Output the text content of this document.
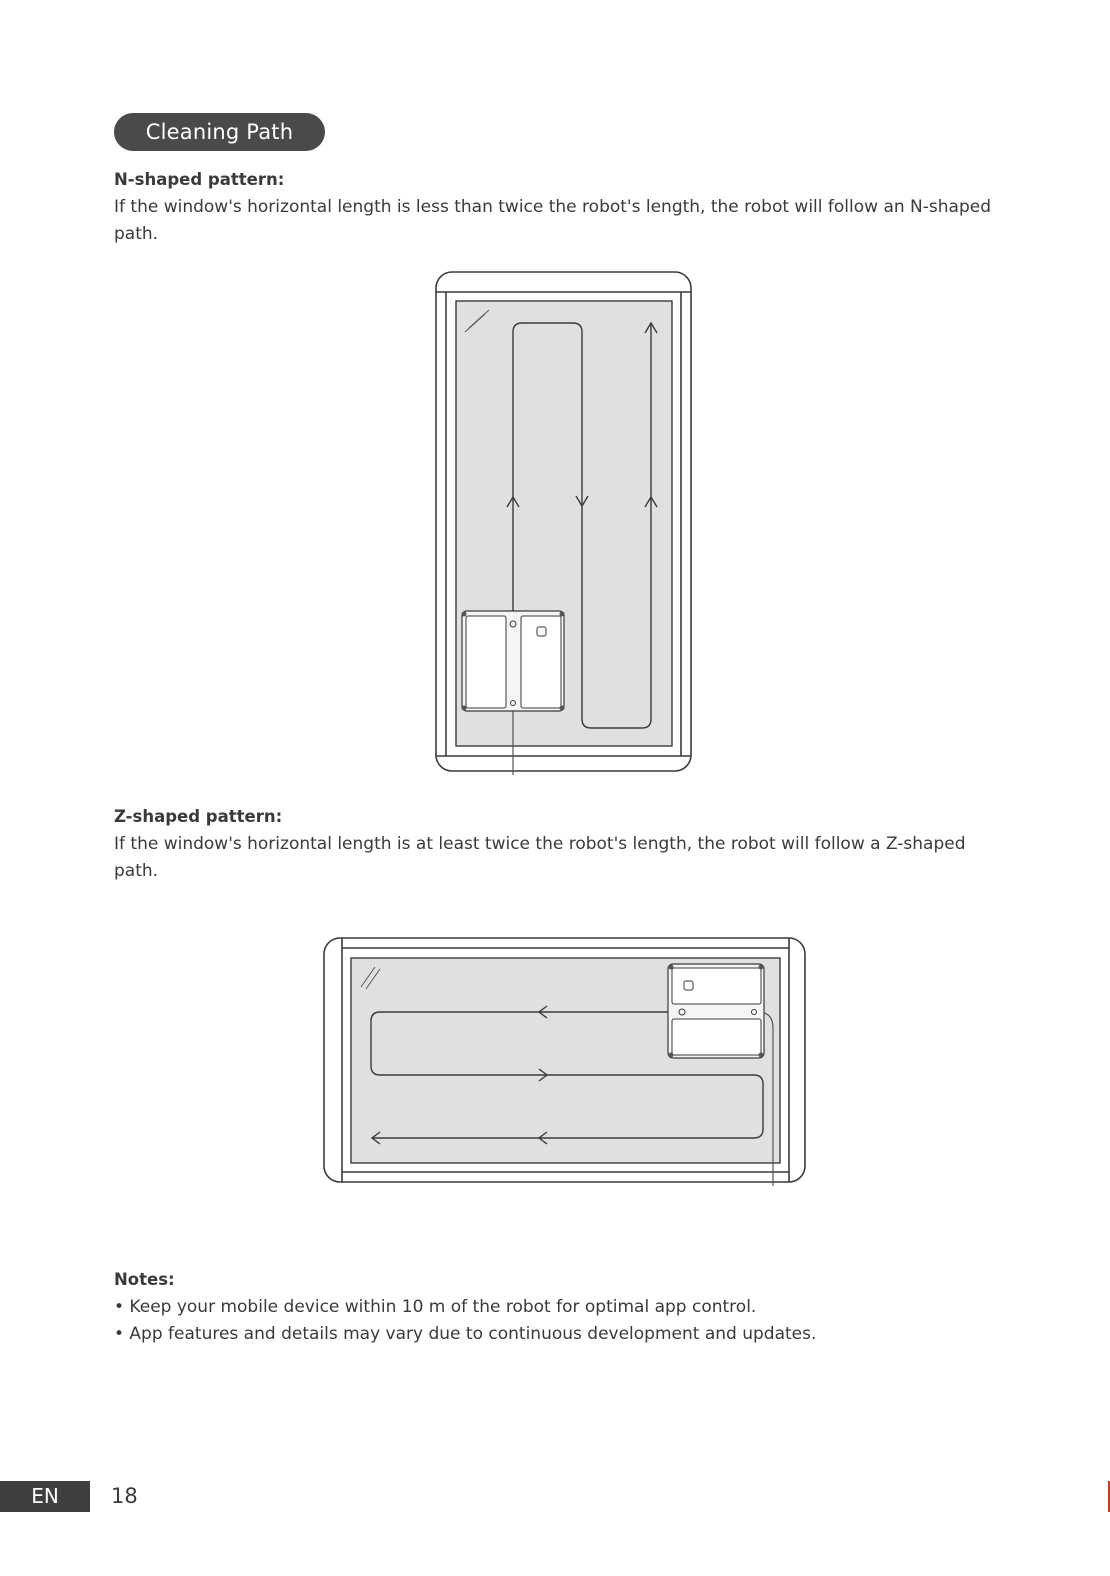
Cleaning Path
N-shaped pattern:
If the window's horizontal length is less than twice the robot's length, the robot will follow an N-shaped path.
Z-shaped pattern:
If the window's horizontal length is at least twice the robot's length, the robot will follow a Z-shaped path.
Notes:
• Keep your mobile device within 10 m of the robot for optimal app control.
• App features and details may vary due to continuous development and updates.
EN	18
